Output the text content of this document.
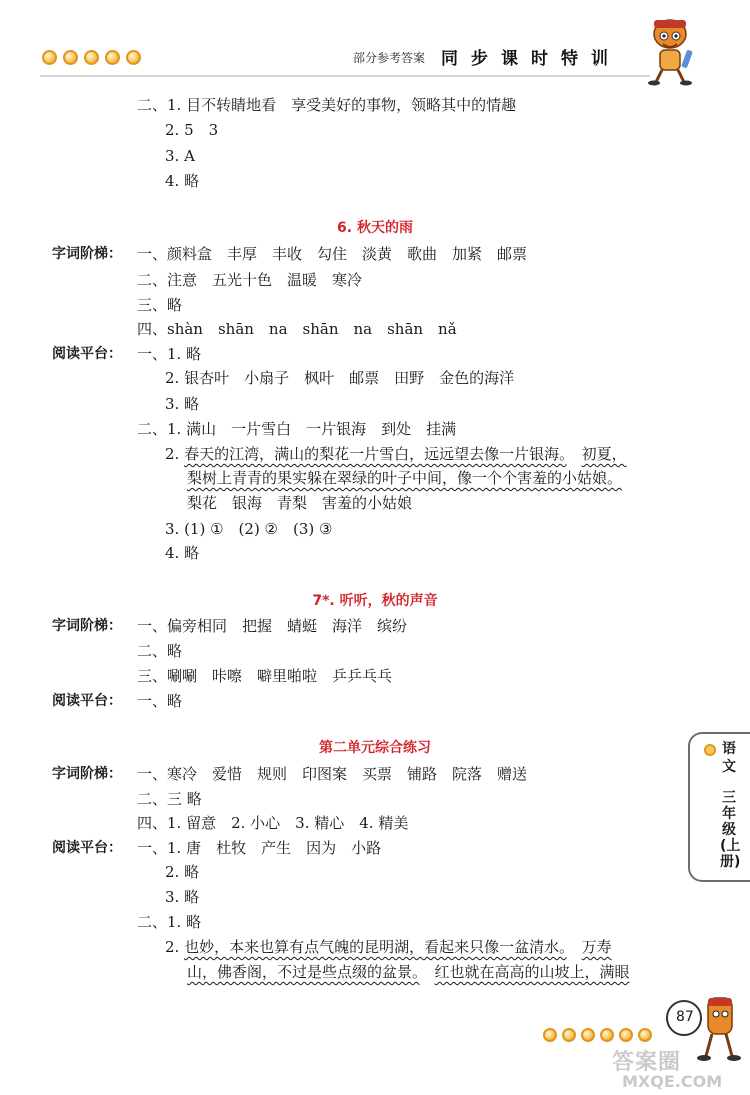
部分参考答案 同步课时特训
二、1. 目不转睛地看　享受美好的事物，领略其中的情趣
2. 5　3
3. A
4. 略
6. 秋天的雨
字词阶梯： 一、颜料盒　丰厚　丰收　勾住　淡黄　歌曲　加紧　邮票
二、注意　五光十色　温暖　寒冷
三、略
四、shàn　shān　na　shān　na　shān　nǎ
阅读平台： 一、1. 略
2. 银杏叶　小扇子　枫叶　邮票　田野　金色的海洋
3. 略
二、1. 满山　一片雪白　一片银海　到处　挂满
2. 春天的江湾，满山的梨花一片雪白，远远望去像一片银海。　 初夏，
梨树上青青的果实躲在翠绿的叶子中间，像一个个害羞的小姑娘。
梨花　银海　青梨　害羞的小姑娘
3. (1) ①　(2) ②　(3) ③
4. 略
7*. 听听，秋的声音
字词阶梯： 一、偏旁相同　把握　蜻蜓　海洋　缤纷
二、略
三、唰唰　咔嚓　噼里啪啦　乒乒乓乓
阅读平台： 一、略
第二单元综合练习
字词阶梯： 一、寒冷　爱惜　规则　印图案　买票　铺路　院落　赠送
二、三 略
四、1. 留意　2. 小心　3. 精心　4. 精美
阅读平台： 一、1. 唐　杜牧　产生　因为　小路
2. 略
3. 略
二、1. 略
2. 也妙，本来也算有点气魄的昆明湖，看起来只像一盆清水。　 万寿
山，佛香阁，不过是些点缀的盆景。　 红也就在高高的山坡上，满眼
语文
三年级(上册)
87
答案圈
MXQE.COM
